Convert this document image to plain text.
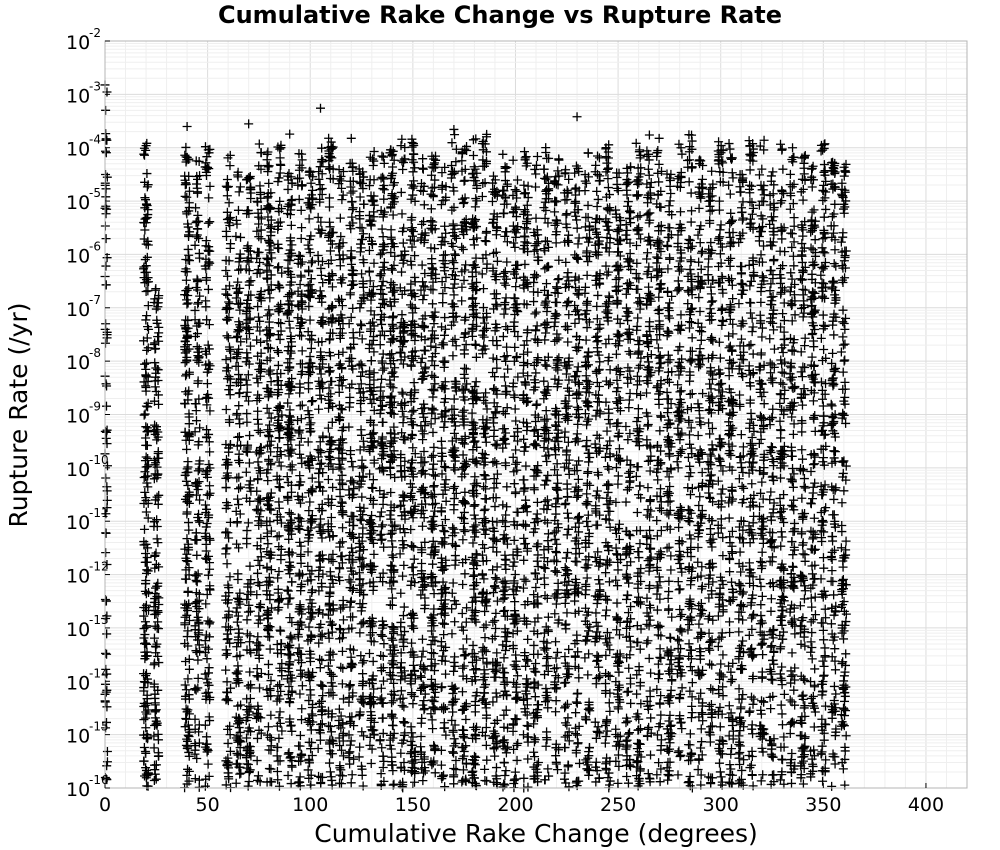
0	50	100	150	200	250	300	350	400
10
-16
10
-15
10
-14
10
-13
10
-12
10
-11
10
-10
10
-9
10
-8
10
-7
10
-6
10
-5
10
-4
10
-3
10
-2
Cumulative Rake Change vs Rupture Rate
Cumulative Rake Change (degrees)
Rupture Rate (/yr)
